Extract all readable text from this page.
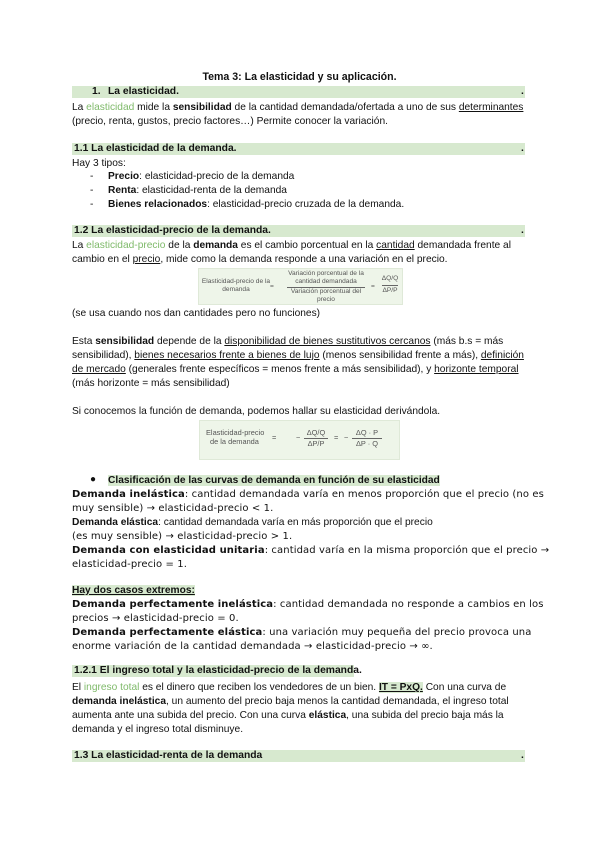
Tema 3: La elasticidad y su aplicación.
1. La elasticidad.	.
La elasticidad mide la sensibilidad de la cantidad demandada/ofertada a uno de sus determinantes
(precio, renta, gustos, precio factores…) Permite conocer la variación.
1.1 La elasticidad de la demanda.	.
Hay 3 tipos:
- Precio: elasticidad-precio de la demanda
- Renta: elasticidad-renta de la demanda
- Bienes relacionados: elasticidad-precio cruzada de la demanda.
1.2 La elasticidad-precio de la demanda.	.
La elasticidad-precio de la demanda es el cambio porcentual en la cantidad demandada frente al
cambio en el precio, mide como la demanda responde a una variación en el precio.
Elasticidad-precio de la demanda	=
Variación porcentual de la cantidad demandada
Variación porcentual del precio
=
ΔQ/Q
ΔP/P
(se usa cuando nos dan cantidades pero no funciones)
Esta sensibilidad depende de la disponibilidad de bienes sustitutivos cercanos (más b.s = más
sensibilidad), bienes necesarios frente a bienes de lujo (menos sensibilidad frente a más), definición
de mercado (generales frente específicos = menos frente a más sensibilidad), y horizonte temporal
(más horizonte = más sensibilidad)
Si conocemos la función de demanda, podemos hallar su elasticidad derivándola.
Elasticidad-precio
de la demanda =	−
ΔQ/Q
ΔP/P
= −
ΔQ · P
ΔP · Q
● Clasificación de las curvas de demanda en función de su elasticidad
Demanda inelástica: cantidad demandada varía en menos proporción que el precio (no es
muy sensible) → elasticidad-precio < 1.
Demanda elástica: cantidad demandada varía en más proporción que el precio
(es muy sensible) → elasticidad-precio > 1.
Demanda con elasticidad unitaria: cantidad varía en la misma proporción que el precio →
elasticidad-precio = 1.
Hay dos casos extremos:
Demanda perfectamente inelástica: cantidad demandada no responde a cambios en los
precios → elasticidad-precio = 0.
Demanda perfectamente elástica: una variación muy pequeña del precio provoca una
enorme variación de la cantidad demandada → elasticidad-precio → ∞.
1.2.1 El ingreso total y la elasticidad-precio de la demanda.
El ingreso total es el dinero que reciben los vendedores de un bien. IT = PxQ. Con una curva de
demanda inelástica, un aumento del precio baja menos la cantidad demandada, el ingreso total
aumenta ante una subida del precio. Con una curva elástica, una subida del precio baja más la
demanda y el ingreso total disminuye.
1.3 La elasticidad-renta de la demanda	.
